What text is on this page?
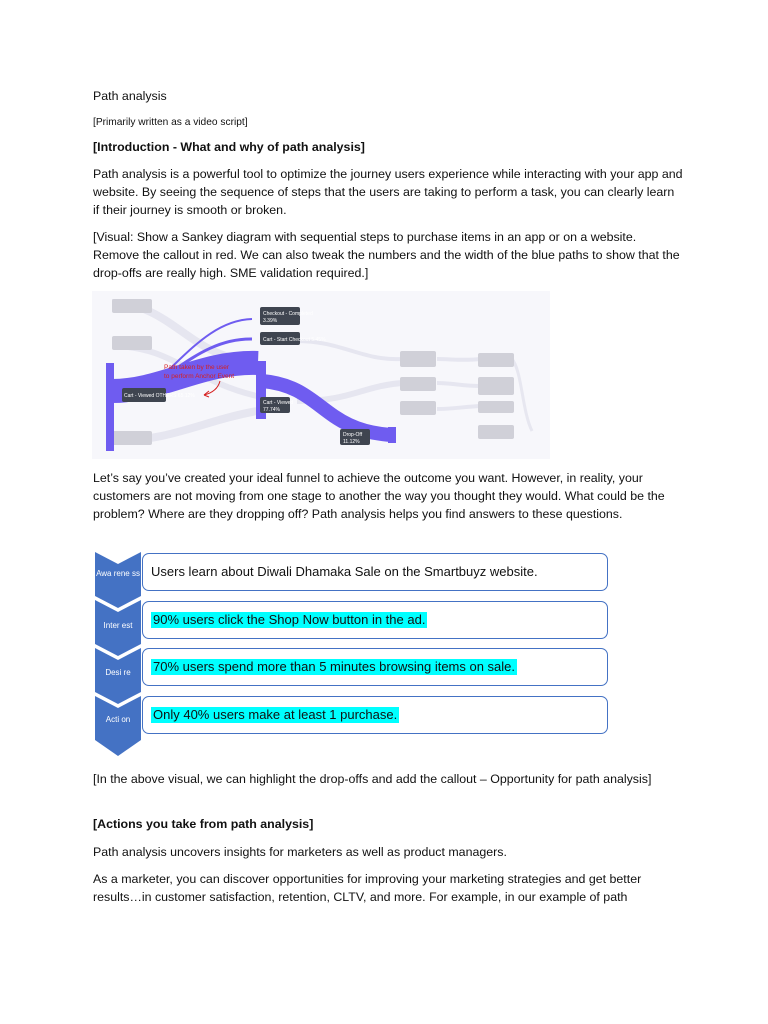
Path analysis

[Primarily written as a video script]

[Introduction - What and why of path analysis]

Path analysis is a powerful tool to optimize the journey users experience while interacting with your app and website. By seeing the sequence of steps that the users are taking to perform a task, you can clearly learn if their journey is smooth or broken.

[Visual: Show a Sankey diagram with sequential steps to purchase items in an app or on a website. Remove the callout in red. We can also tweak the numbers and the width of the blue paths to show that the drop-offs are really high. SME validation required.]

Checkout - Completed
3.39%
Cart - Start Checkout 5.45%
Cart - Viewed OTHERS 65.12%
Cart - Viewed
77.74%
Drop-Off
11.12%
Path taken by the user
to perform Anchor Event

Let’s say you’ve created your ideal funnel to achieve the outcome you want. However, in reality, your customers are not moving from one stage to another the way you thought they would. What could be the problem? Where are they dropping off? Path analysis helps you find answers to these questions.

Awa rene ss
Inter est
Desi re
Acti on
Users learn about Diwali Dhamaka Sale on the Smartbuyz website.
90% users click the Shop Now button in the ad.
70% users spend more than 5 minutes browsing items on sale.
Only 40% users make at least 1 purchase.

[In the above visual, we can highlight the drop-offs and add the callout – Opportunity for path analysis]

[Actions you take from path analysis]

Path analysis uncovers insights for marketers as well as product managers.

As a marketer, you can discover opportunities for improving your marketing strategies and get better results…in customer satisfaction, retention, CLTV, and more. For example, in our example of path
